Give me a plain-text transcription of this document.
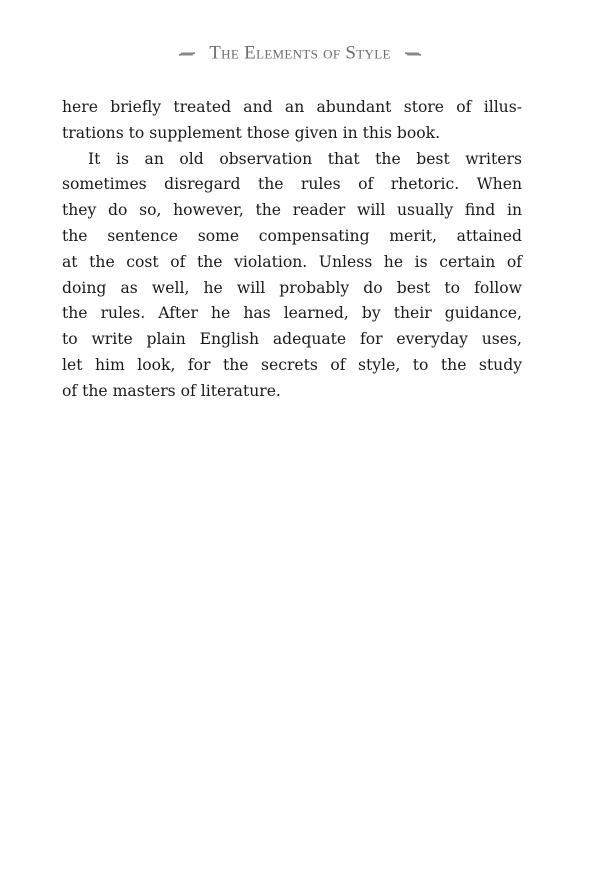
The Elements of Style
here briefly treated and an abundant store of illus-
trations to supplement those given in this book.
It is an old observation that the best writers
sometimes disregard the rules of rhetoric. When
they do so, however, the reader will usually find in
the sentence some compensating merit, attained
at the cost of the violation. Unless he is certain of
doing as well, he will probably do best to follow
the rules. After he has learned, by their guidance,
to write plain English adequate for everyday uses,
let him look, for the secrets of style, to the study
of the masters of literature.
